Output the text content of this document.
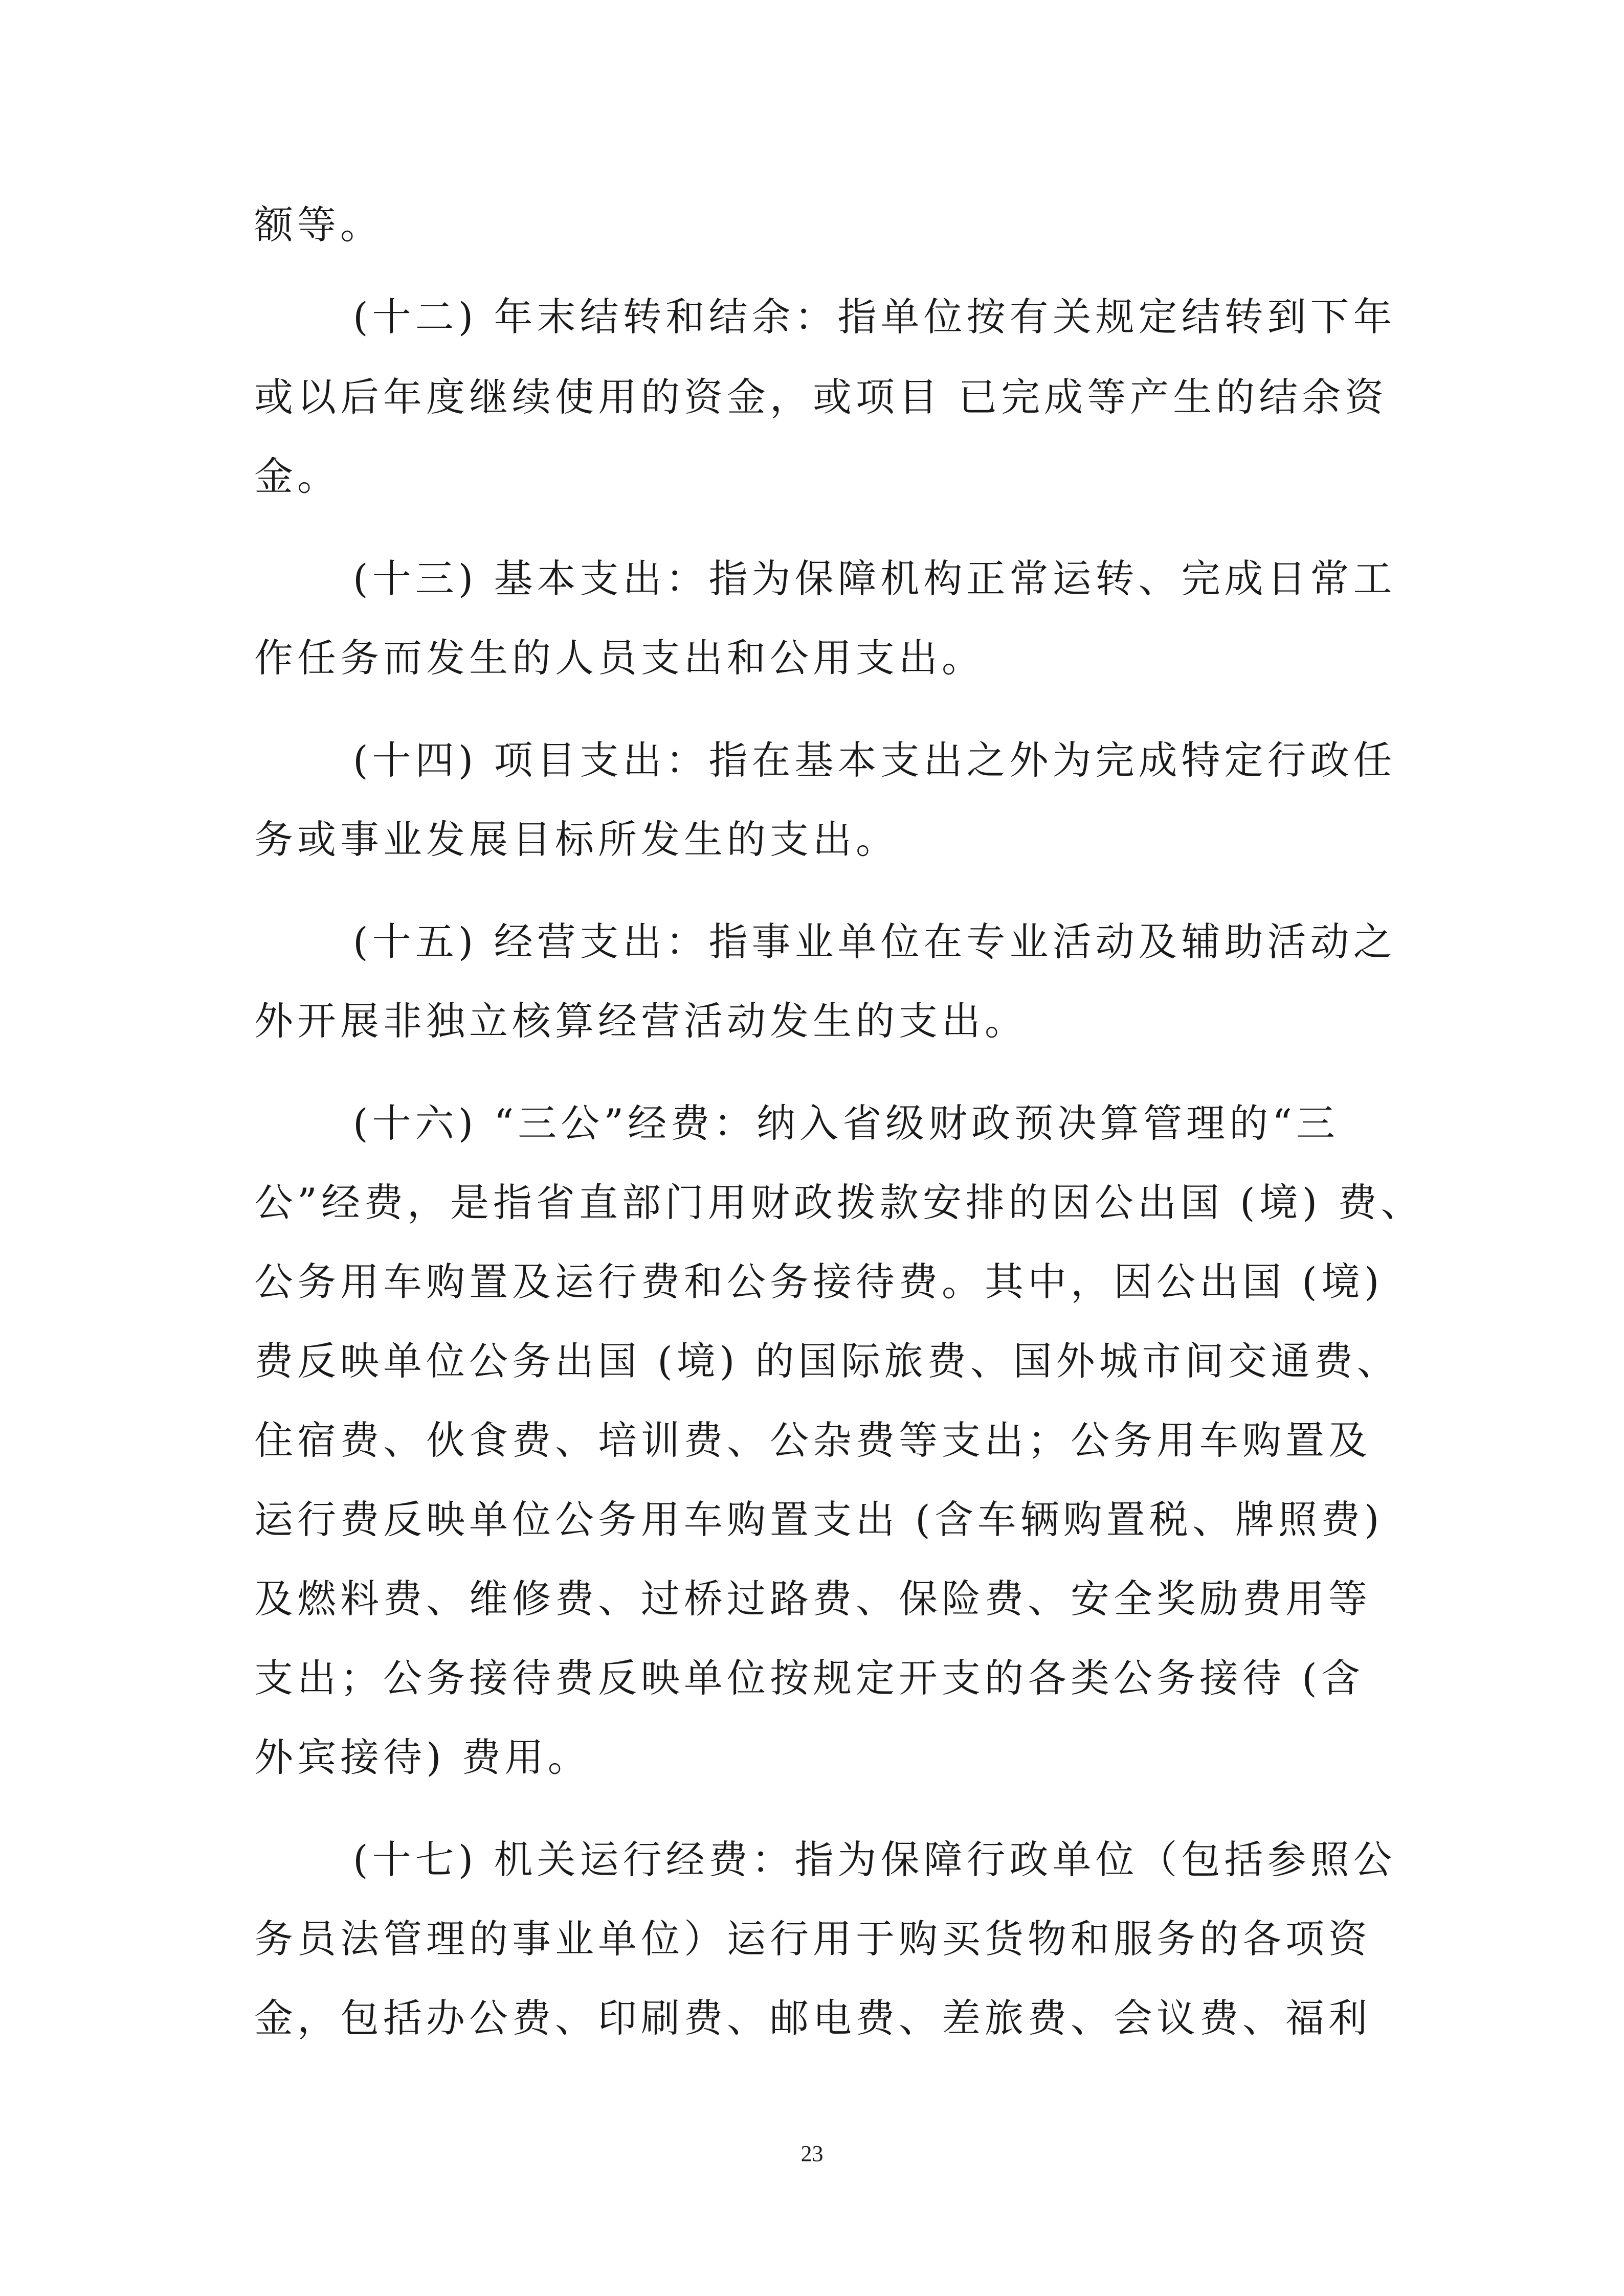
额等。
(十二) 年末结转和结余：指单位按有关规定结转到下年
或以后年度继续使用的资金，或项目 已完成等产生的结余资
金。
(十三) 基本支出：指为保障机构正常运转、完成日常工
作任务而发生的人员支出和公用支出。
(十四) 项目支出：指在基本支出之外为完成特定行政任
务或事业发展目标所发生的支出。
(十五) 经营支出：指事业单位在专业活动及辅助活动之
外开展非独立核算经营活动发生的支出。
(十六) “三公”经费：纳入省级财政预决算管理的“三
公”经费，是指省直部门用财政拨款安排的因公出国 (境) 费、
公务用车购置及运行费和公务接待费。其中，因公出国 (境)
费反映单位公务出国 (境) 的国际旅费、国外城市间交通费、
住宿费、伙食费、培训费、公杂费等支出；公务用车购置及
运行费反映单位公务用车购置支出 (含车辆购置税、牌照费)
及燃料费、维修费、过桥过路费、保险费、安全奖励费用等
支出；公务接待费反映单位按规定开支的各类公务接待 (含
外宾接待) 费用。
(十七) 机关运行经费：指为保障行政单位（包括参照公
务员法管理的事业单位）运行用于购买货物和服务的各项资
金，包括办公费、印刷费、邮电费、差旅费、会议费、福利
23
